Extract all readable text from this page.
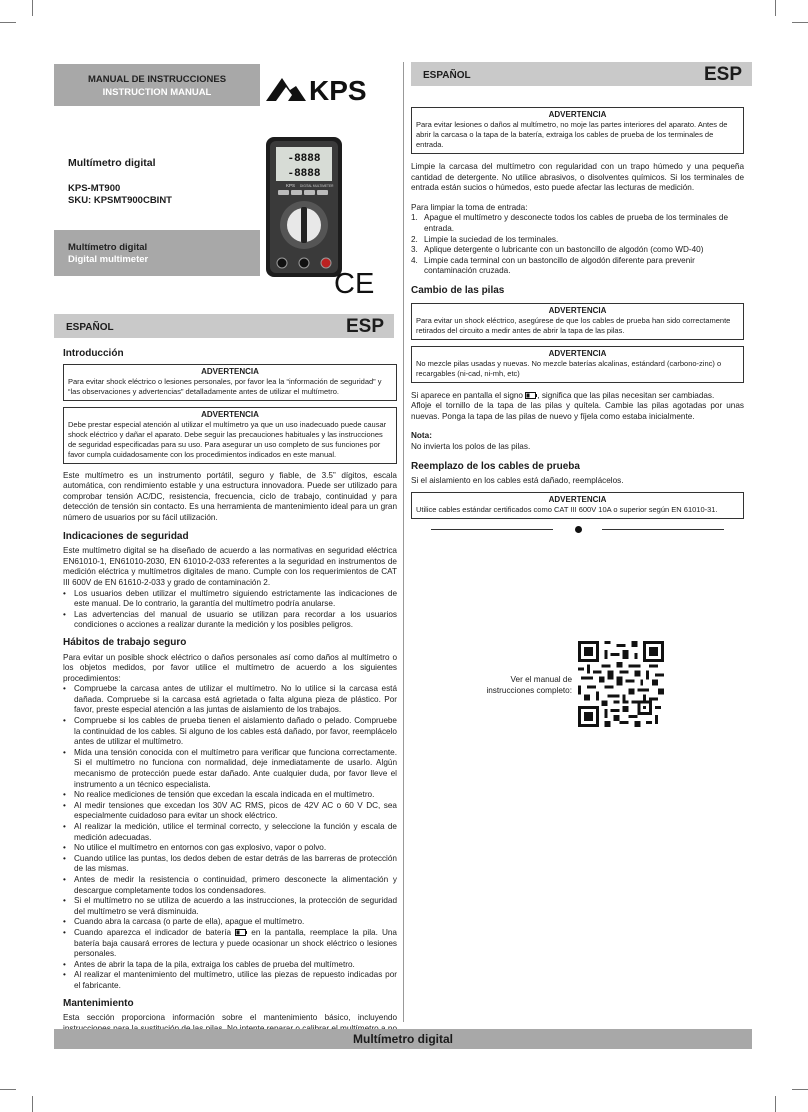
MANUAL DE INSTRUCCIONES
INSTRUCTION MANUAL	KPS
Multímetro digital
KPS-MT900
SKU: KPSMT900CBINT
Multímetro digital
Digital multimeter
-8888
-8888
KPS DIGITAL MULTIMETER
CE
ESPAÑOL	ESP
Introducción
ADVERTENCIA
Para evitar shock eléctrico o lesiones personales, por favor lea la “información de seguridad” y “las observaciones y advertencias” detalladamente antes de utilizar el multímetro.
ADVERTENCIA
Debe prestar especial atención al utilizar el multímetro ya que un uso inadecuado puede causar shock eléctrico y dañar el aparato. Debe seguir las precauciones habituales y las instrucciones de seguridad especificadas para su uso. Para asegurar un uso completo de sus funciones por favor cumpla cuidadosamente con los procedimientos indicados en este manual.

Este multímetro es un instrumento portátil, seguro y fiable, de 3.5” dígitos, escala automática, con rendimiento estable y una estructura innovadora. Puede ser utilizado para comprobar tensión AC/DC, resistencia, frecuencia, ciclo de trabajo, continuidad y para detección de tensión sin contacto. Es una herramienta de mantenimiento ideal para un gran número de usuarios por su fácil utilización.

Indicaciones de seguridad

Este multímetro digital se ha diseñado de acuerdo a las normativas en seguridad eléctrica EN61010-1, EN61010-2030, EN 61010-2-033 referentes a la seguridad en instrumentos de medición eléctrica y multímetros digitales de mano. Cumple con los requerimientos de CAT III 600V de EN 61610-2-033 y grado de contaminación 2.

• Los usuarios deben utilizar el multímetro siguiendo estrictamente las indicaciones de este manual. De lo contrario, la garantía del multímetro podría anularse.
• Las advertencias del manual de usuario se utilizan para recordar a los usuarios condiciones o acciones a realizar durante la medición y los posibles peligros.
Hábitos de trabajo seguro

Para evitar un posible shock eléctrico o daños personales así como daños al multímetro o los objetos medidos, por favor utilice el multímetro de acuerdo a los siguientes procedimientos:

• Compruebe la carcasa antes de utilizar el multímetro. No lo utilice si la carcasa está dañada. Compruebe si la carcasa está agrietada o falta alguna pieza de plástico. Por favor, preste especial atención a las juntas de aislamiento de los trabajos.
• Compruebe si los cables de prueba tienen el aislamiento dañado o pelado. Compruebe la continuidad de los cables. Si alguno de los cables está dañado, por favor, reemplácelo antes de utilizar el multímetro.
• Mida una tensión conocida con el multímetro para verificar que funciona correctamente. Si el multímetro no funciona con normalidad, deje inmediatamente de usarlo. Algún mecanismo de protección puede estar dañado. Ante cualquier duda, por favor lleve el instrumento a un técnico especialista.
• No realice mediciones de tensión que excedan la escala indicada en el multímetro.
• Al medir tensiones que excedan los 30V AC RMS, picos de 42V AC o 60 V DC, sea especialmente cuidadoso para evitar un shock eléctrico.
• Al realizar la medición, utilice el terminal correcto, y seleccione la función y escala de medición adecuadas.
• No utilice el multímetro en entornos con gas explosivo, vapor o polvo.
• Cuando utilice las puntas, los dedos deben de estar detrás de las barreras de protección de las mismas.
• Antes de medir la resistencia o continuidad, primero desconecte la alimentación y descargue completamente todos los condensadores.
• Si el multímetro no se utiliza de acuerdo a las instrucciones, la protección de seguridad del multímetro se verá disminuida.
• Cuando abra la carcasa (o parte de ella), apague el multímetro.
• Cuando aparezca el indicador de batería en la pantalla, reemplace la pila. Una batería baja causará errores de lectura y puede ocasionar un shock eléctrico o lesiones personales.
• Antes de abrir la tapa de la pila, extraiga los cables de prueba del multímetro.
• Al realizar el mantenimiento del multímetro, utilice las piezas de repuesto indicadas por el fabricante.
Mantenimiento

Esta sección proporciona información sobre el mantenimiento básico, incluyendo

ESPAÑOL	ESP
ADVERTENCIA
Para evitar lesiones o daños al multímetro, no moje las partes interiores del aparato. Antes de abrir la carcasa o la tapa de la batería, extraiga los cables de prueba de los terminales de entrada.

Limpie la carcasa del multímetro con regularidad con un trapo húmedo y una pequeña cantidad de detergente. No utilice abrasivos, o disolventes químicos. Si los terminales de entrada están sucios o húmedos, esto puede afectar las lecturas de medición.

Para limpiar la toma de entrada:
1. Apague el multímetro y desconecte todos los cables de prueba de los terminales de entrada.
2. Limpie la suciedad de los terminales.
3. Aplique detergente o lubricante con un bastoncillo de algodón (como WD-40)
4. Limpie cada terminal con un bastoncillo de algodón diferente para prevenir contaminación cruzada.
Cambio de las pilas
ADVERTENCIA
Para evitar un shock eléctrico, asegúrese de que los cables de prueba han sido correctamente retirados del circuito a medir antes de abrir la tapa de las pilas.
ADVERTENCIA
No mezcle pilas usadas y nuevas. No mezcle baterías alcalinas, estándard (carbono-zinc) o recargables (ni-cad, ni-mh, etc)
Si aparece en pantalla el signo , significa que las pilas necesitan ser cambiadas.

Afloje el tornillo de la tapa de las pilas y quítela. Cambie las pilas agotadas por unas nuevas. Ponga la tapa de las pilas de nuevo y fíjela como estaba inicialmente.

Nota:
No invierta los polos de las pilas.
Reemplazo de los cables de prueba
Si el aislamiento en los cables está dañado, reemplácelos.
ADVERTENCIA
Utilice cables estándar certificados como CAT III 600V 10A o superior según EN 61010-31.
Ver el manual de instrucciones completo:
Multímetro digital
